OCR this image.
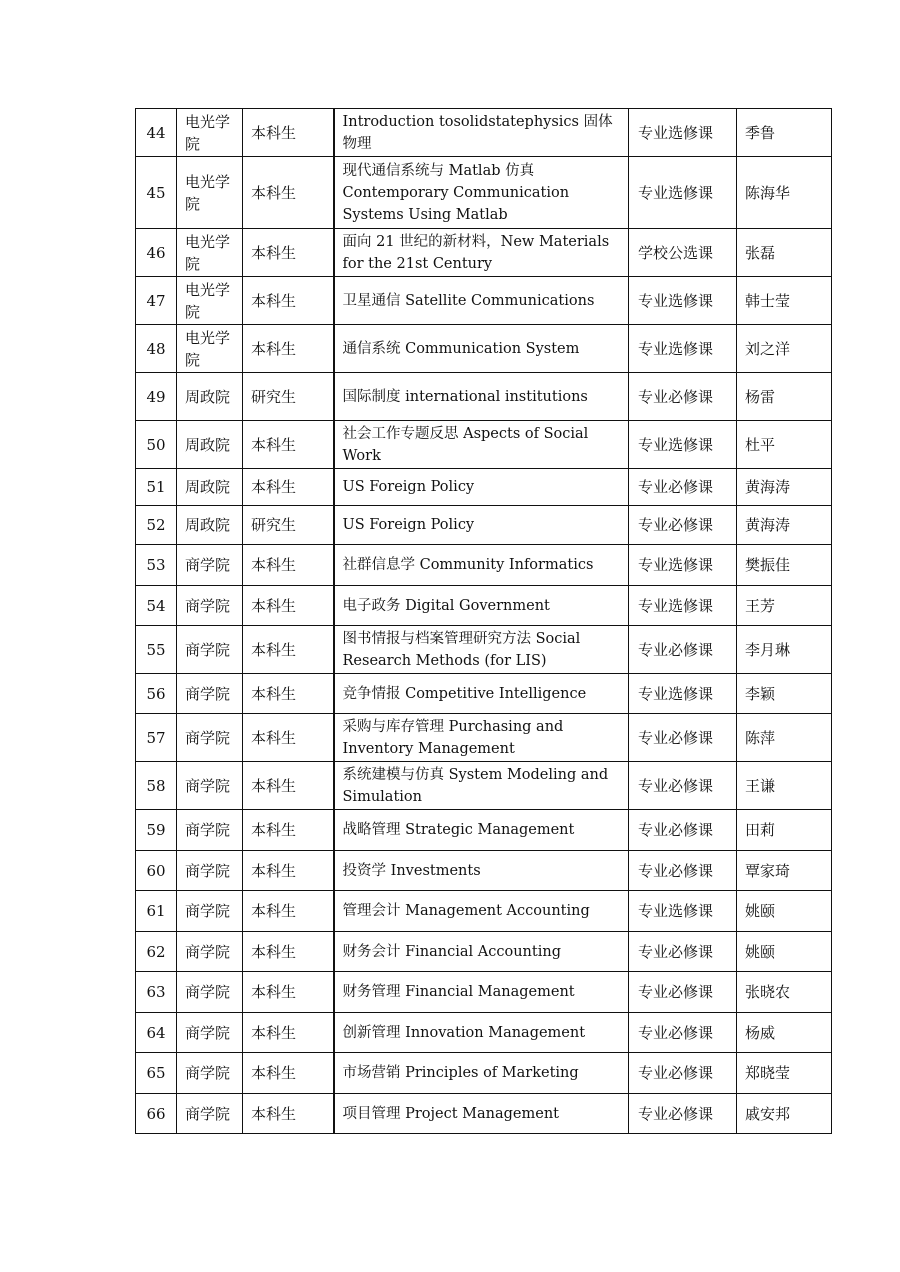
44	电光学院	本科生	Introduction tosolidstatephysics 固体物理	专业选修课	季鲁
45	电光学院	本科生	现代通信系统与 Matlab 仿真 Contemporary Communication Systems Using Matlab	专业选修课	陈海华
46	电光学院	本科生	面向 21 世纪的新材料，New Materials for the 21st Century	学校公选课	张磊
47	电光学院	本科生	卫星通信 Satellite Communications	专业选修课	韩士莹
48	电光学院	本科生	通信系统 Communication System	专业选修课	刘之洋
49	周政院	研究生	国际制度 international institutions	专业必修课	杨雷
50	周政院	本科生	社会工作专题反思 Aspects of Social Work	专业选修课	杜平
51	周政院	本科生	US Foreign Policy	专业必修课	黄海涛
52	周政院	研究生	US Foreign Policy	专业必修课	黄海涛
53	商学院	本科生	社群信息学 Community Informatics	专业选修课	樊振佳
54	商学院	本科生	电子政务 Digital Government	专业选修课	王芳
55	商学院	本科生	图书情报与档案管理研究方法 Social Research Methods (for LIS)	专业必修课	李月琳
56	商学院	本科生	竞争情报 Competitive Intelligence	专业选修课	李颖
57	商学院	本科生	采购与库存管理 Purchasing and Inventory Management	专业必修课	陈萍
58	商学院	本科生	系统建模与仿真 System Modeling and Simulation	专业必修课	王谦
59	商学院	本科生	战略管理 Strategic Management	专业必修课	田莉
60	商学院	本科生	投资学 Investments	专业必修课	覃家琦
61	商学院	本科生	管理会计 Management Accounting	专业选修课	姚颐
62	商学院	本科生	财务会计 Financial Accounting	专业必修课	姚颐
63	商学院	本科生	财务管理 Financial Management	专业必修课	张晓农
64	商学院	本科生	创新管理 Innovation Management	专业必修课	杨威
65	商学院	本科生	市场营销 Principles of Marketing	专业必修课	郑晓莹
66	商学院	本科生	项目管理 Project Management	专业必修课	戚安邦
